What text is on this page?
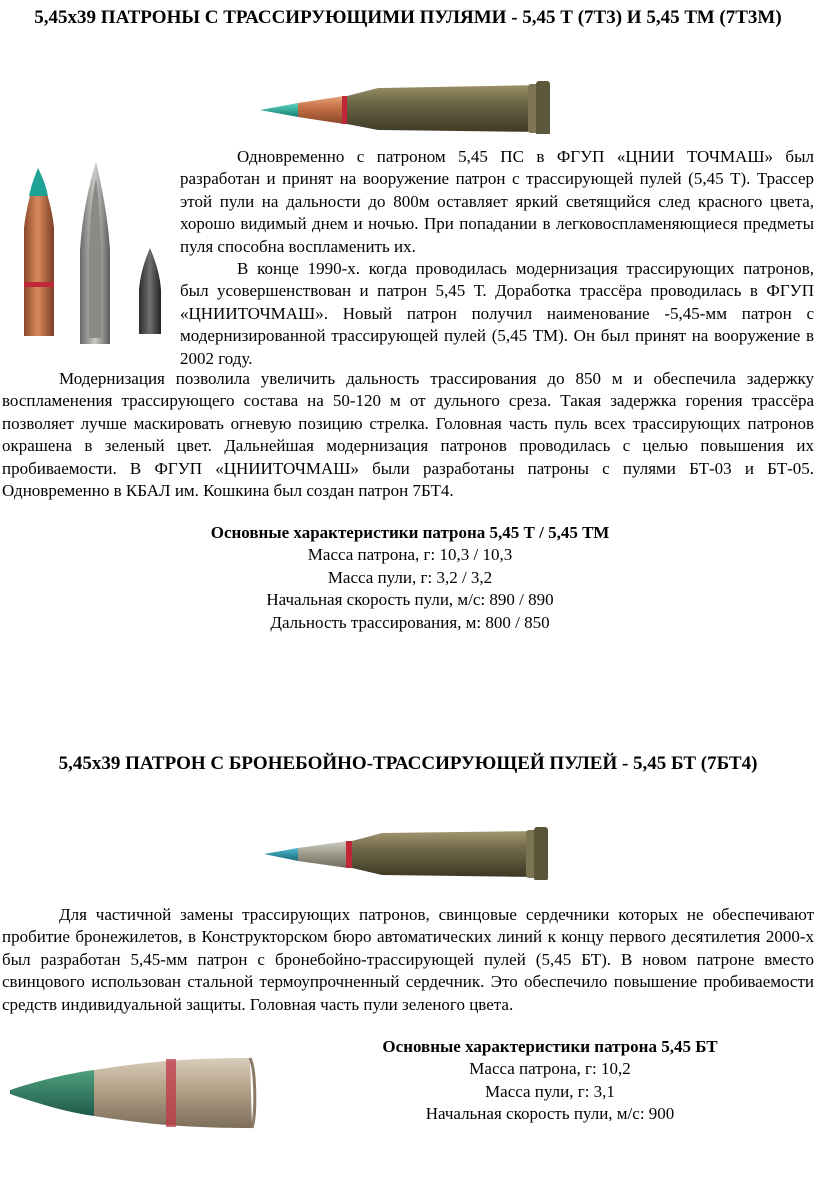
5,45x39 ПАТРОНЫ С ТРАССИРУЮЩИМИ ПУЛЯМИ - 5,45 Т (7Т3) И 5,45 ТМ (7Т3М)

Одновременно с патроном 5,45 ПС в ФГУП «ЦНИИ ТОЧМАШ» был разработан и принят на вооружение патрон с трассирующей пулей (5,45 Т). Трассер этой пули на дальности до 800м оставляет яркий светящийся след красного цвета, хорошо видимый днем и ночью. При попадании в легковоспламеняющиеся предметы пуля способна воспламенить их.

В конце 1990-х. когда проводилась модернизация трассирующих патронов, был усовершенствован и патрон 5,45 Т. Доработка трассёра проводилась в ФГУП «ЦНИИТОЧМАШ». Новый патрон получил наименование -5,45-мм патрон с модернизированной трассирующей пулей (5,45 ТМ). Он был принят на вооружение в 2002 году.

Модернизация позволила увеличить дальность трассирования до 850 м и обеспечила задержку воспламенения трассирующего состава на 50-120 м от дульного среза. Такая задержка горения трассёра позволяет лучше маскировать огневую позицию стрелка. Головная часть пуль всех трассирующих патронов окрашена в зеленый цвет. Дальнейшая модернизация патронов проводилась с целью повышения их пробиваемости. В ФГУП «ЦНИИТОЧМАШ» были разработаны патроны с пулями БТ-03 и БТ-05. Одновременно в КБАЛ им. Кошкина был создан патрон 7БТ4.

Основные характеристики патрона 5,45 Т / 5,45 ТМ
Масса патрона, г: 10,3 / 10,3
Масса пули, г: 3,2 / 3,2
Начальная скорость пули, м/с: 890 / 890
Дальность трассирования, м: 800 / 850
5,45х39 ПАТРОН С БРОНЕБОЙНО-ТРАССИРУЮЩЕЙ ПУЛЕЙ - 5,45 БТ (7БТ4)

Для частичной замены трассирующих патронов, свинцовые сердечники которых не обеспечивают пробитие бронежилетов, в Конструкторском бюро автоматических линий к концу первого десятилетия 2000-х был разработан 5,45-мм патрон с бронебойно-трассирующей пулей (5,45 БТ). В новом патроне вместо свинцового использован стальной термоупрочненный сердечник. Это обеспечило повышение пробиваемости средств индивидуальной защиты. Головная часть пули зеленого цвета.

Основные характеристики патрона 5,45 БТ
Масса патрона, г: 10,2
Масса пули, г: 3,1
Начальная скорость пули, м/с: 900
